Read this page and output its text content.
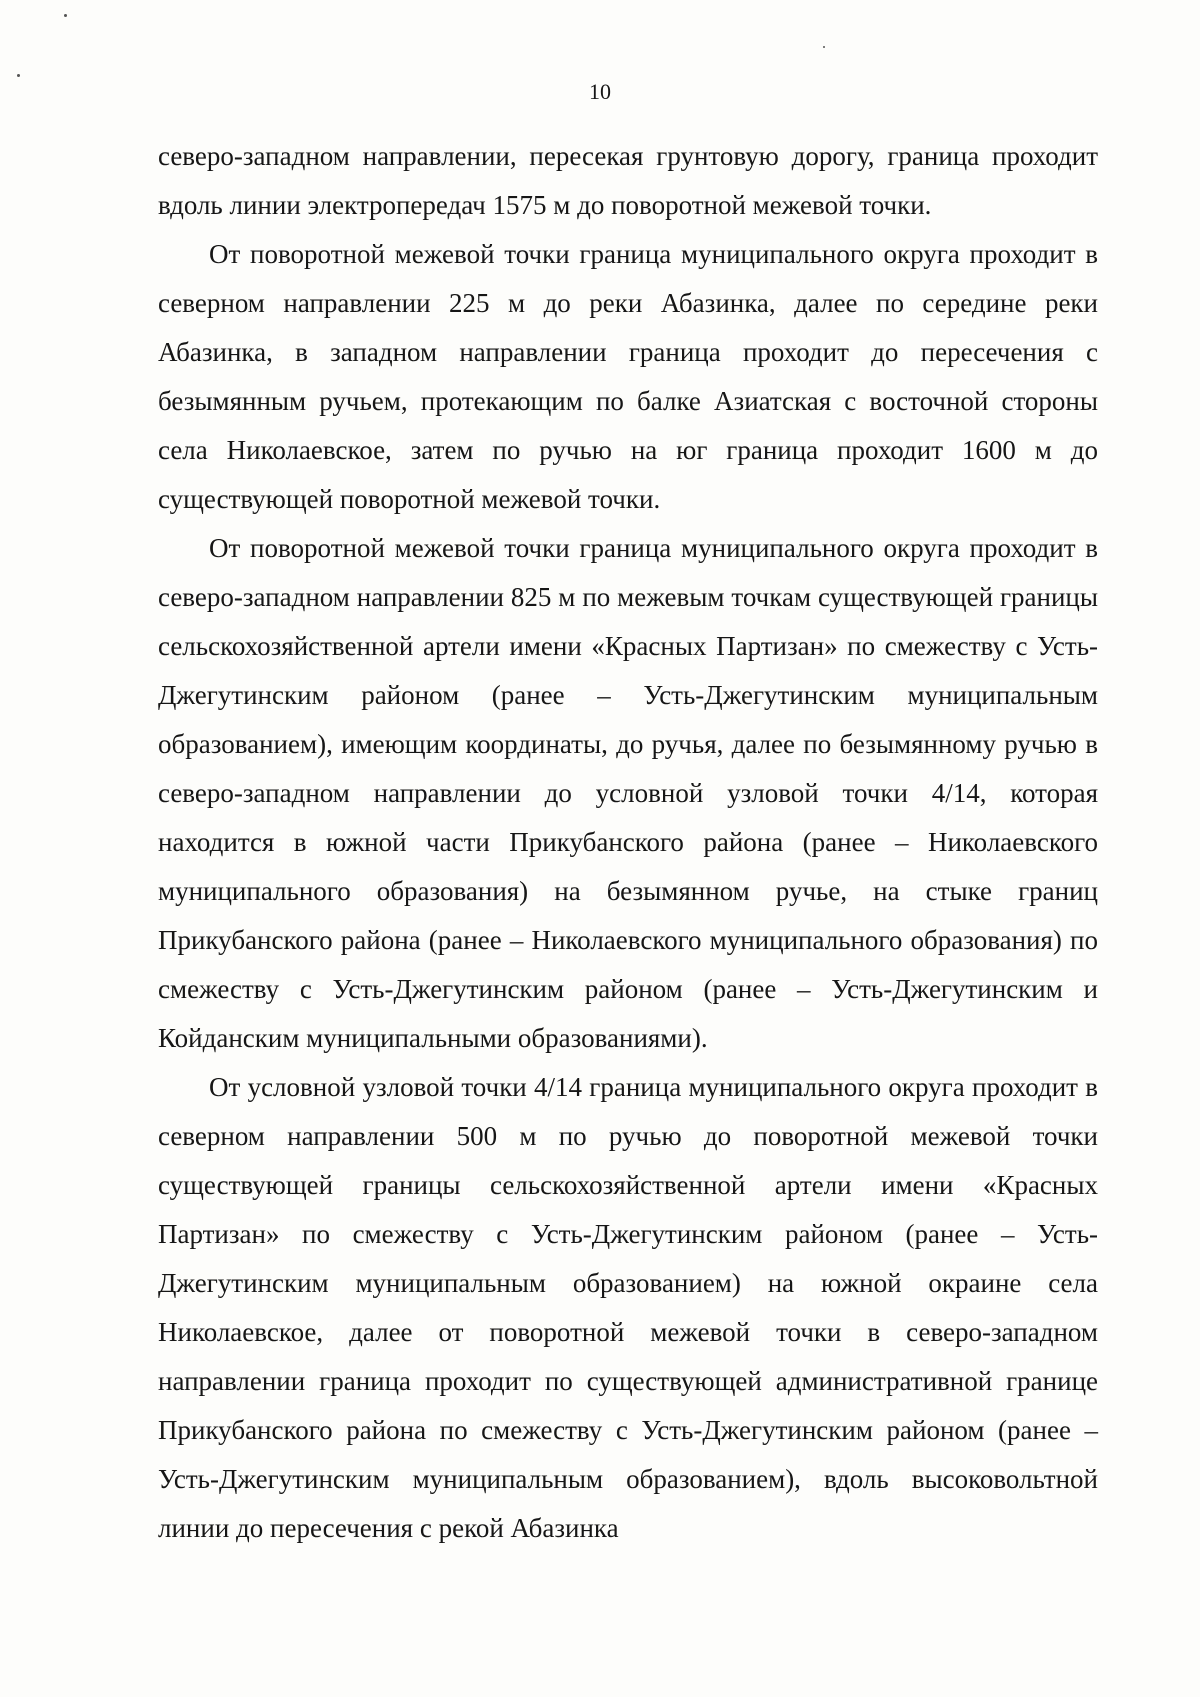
10

северо-западном направлении, пересекая грунтовую дорогу, граница проходит вдоль линии электропередач 1575 м до поворотной межевой точки.

От поворотной межевой точки граница муниципального округа проходит в северном направлении 225 м до реки Абазинка, далее по середине реки Абазинка, в западном направлении граница проходит до пересечения с безымянным ручьем, протекающим по балке Азиатская с восточной стороны села Николаевское, затем по ручью на юг граница проходит 1600 м до существующей поворотной межевой точки.

От поворотной межевой точки граница муниципального округа проходит в северо-западном направлении 825 м по межевым точкам существующей границы сельскохозяйственной артели имени «Красных Партизан» по смежеству с Усть-Джегутинским районом (ранее – Усть-Джегутинским муниципальным образованием), имеющим координаты, до ручья, далее по безымянному ручью в северо-западном направлении до условной узловой точки 4/14, которая находится в южной части Прикубанского района (ранее – Николаевского муниципального образования) на безымянном ручье, на стыке границ Прикубанского района (ранее – Николаевского муниципального образования) по смежеству с Усть-Джегутинским районом (ранее – Усть-Джегутинским и Койданским муниципальными образованиями).

От условной узловой точки 4/14 граница муниципального округа проходит в северном направлении 500 м по ручью до поворотной межевой точки существующей границы сельскохозяйственной артели имени «Красных Партизан» по смежеству с Усть-Джегутинским районом (ранее – Усть-Джегутинским муниципальным образованием) на южной окраине села Николаевское, далее от поворотной межевой точки в северо-западном направлении граница проходит по существующей административной границе Прикубанского района по смежеству с Усть-Джегутинским районом (ранее – Усть-Джегутинским муниципальным образованием), вдоль высоковольтной линии до пересечения с рекой Абазинка
